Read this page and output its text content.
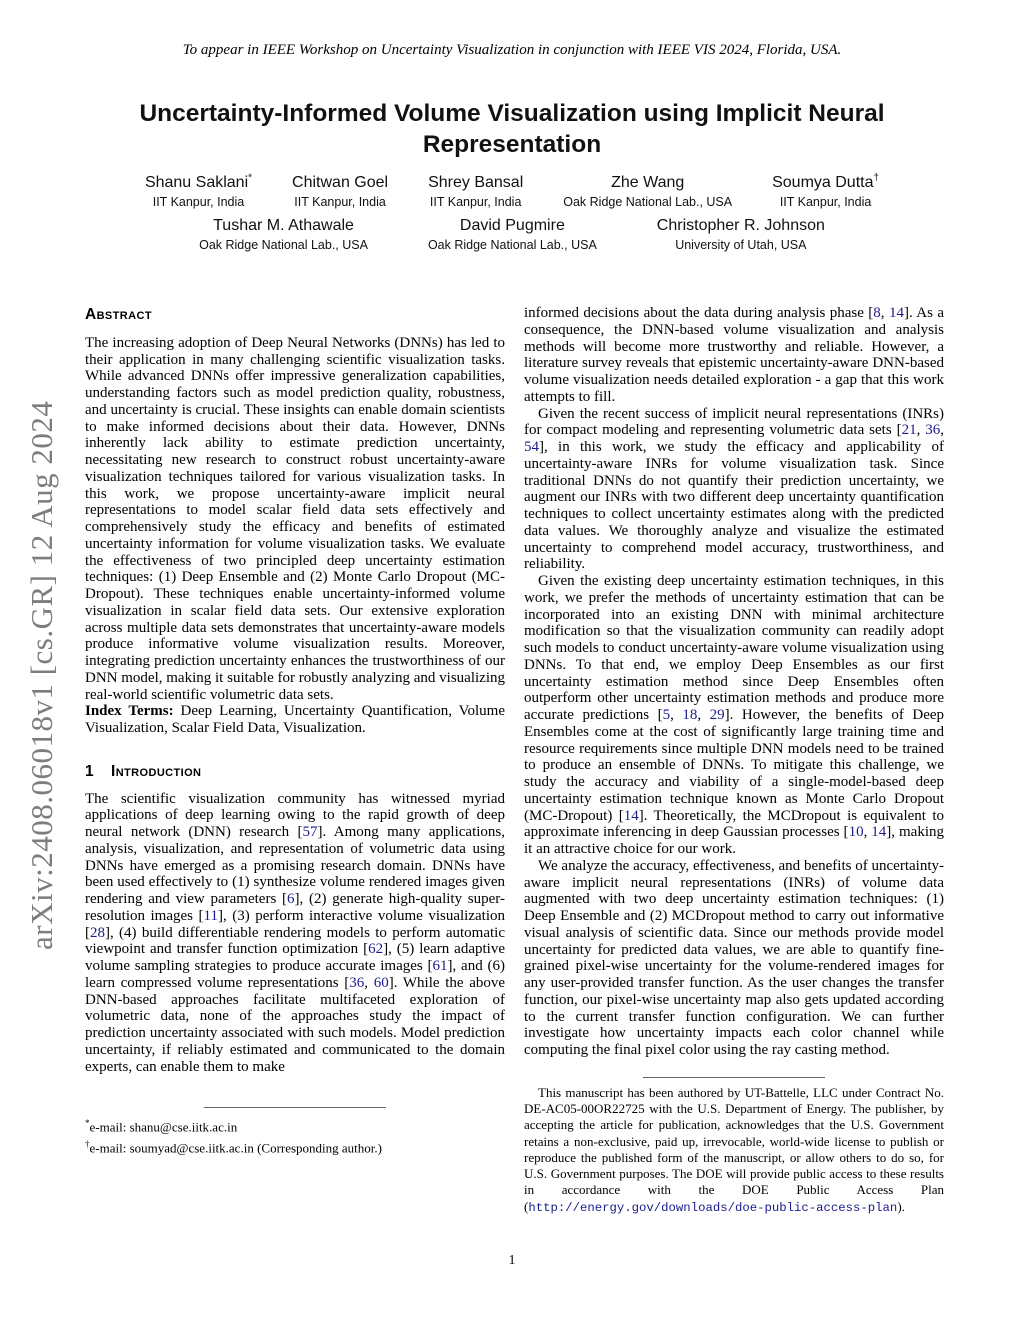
arXiv:2408.06018v1 [cs.GR] 12 Aug 2024
To appear in IEEE Workshop on Uncertainty Visualization in conjunction with IEEE VIS 2024, Florida, USA.
Uncertainty-Informed Volume Visualization using Implicit Neural Representation
Shanu Saklani*
IIT Kanpur, India
Chitwan Goel
IIT Kanpur, India
Shrey Bansal
IIT Kanpur, India
Zhe Wang
Oak Ridge National Lab., USA
Soumya Dutta†
IIT Kanpur, India
Tushar M. Athawale
Oak Ridge National Lab., USA
David Pugmire
Oak Ridge National Lab., USA
Christopher R. Johnson
University of Utah, USA
Abstract

The increasing adoption of Deep Neural Networks (DNNs) has led to their application in many challenging scientific visualization tasks. While advanced DNNs offer impressive generalization capabilities, understanding factors such as model prediction quality, robustness, and uncertainty is crucial. These insights can enable domain scientists to make informed decisions about their data. However, DNNs inherently lack ability to estimate prediction uncertainty, necessitating new research to construct robust uncertainty-aware visualization techniques tailored for various visualization tasks. In this work, we propose uncertainty-aware implicit neural representations to model scalar field data sets effectively and comprehensively study the efficacy and benefits of estimated uncertainty information for volume visualization tasks. We evaluate the effectiveness of two principled deep uncertainty estimation techniques: (1) Deep Ensemble and (2) Monte Carlo Dropout (MC-Dropout). These techniques enable uncertainty-informed volume visualization in scalar field data sets. Our extensive exploration across multiple data sets demonstrates that uncertainty-aware models produce informative volume visualization results. Moreover, integrating prediction uncertainty enhances the trustworthiness of our DNN model, making it suitable for robustly analyzing and visualizing real-world scientific volumetric data sets.

Index Terms: Deep Learning, Uncertainty Quantification, Volume Visualization, Scalar Field Data, Visualization.

1 Introduction

The scientific visualization community has witnessed myriad applications of deep learning owing to the rapid growth of deep neural network (DNN) research [57]. Among many applications, analysis, visualization, and representation of volumetric data using DNNs have emerged as a promising research domain. DNNs have been used effectively to (1) synthesize volume rendered images given rendering and view parameters [6], (2) generate high-quality super-resolution images [11], (3) perform interactive volume visualization [28], (4) build differentiable rendering models to perform automatic viewpoint and transfer function optimization [62], (5) learn adaptive volume sampling strategies to produce accurate images [61], and (6) learn compressed volume representations [36, 60]. While the above DNN-based approaches facilitate multifaceted exploration of volumetric data, none of the approaches study the impact of prediction uncertainty associated with such models. Model prediction uncertainty, if reliably estimated and communicated to the domain experts, can enable them to make

*e-mail: shanu@cse.iitk.ac.in
†e-mail: soumyad@cse.iitk.ac.in (Corresponding author.)

informed decisions about the data during analysis phase [8, 14]. As a consequence, the DNN-based volume visualization and analysis methods will become more trustworthy and reliable. However, a literature survey reveals that epistemic uncertainty-aware DNN-based volume visualization needs detailed exploration - a gap that this work attempts to fill.

Given the recent success of implicit neural representations (INRs) for compact modeling and representing volumetric data sets [21, 36, 54], in this work, we study the efficacy and applicability of uncertainty-aware INRs for volume visualization task. Since traditional DNNs do not quantify their prediction uncertainty, we augment our INRs with two different deep uncertainty quantification techniques to collect uncertainty estimates along with the predicted data values. We thoroughly analyze and visualize the estimated uncertainty to comprehend model accuracy, trustworthiness, and reliability.

Given the existing deep uncertainty estimation techniques, in this work, we prefer the methods of uncertainty estimation that can be incorporated into an existing DNN with minimal architecture modification so that the visualization community can readily adopt such models to conduct uncertainty-aware volume visualization using DNNs. To that end, we employ Deep Ensembles as our first uncertainty estimation method since Deep Ensembles often outperform other uncertainty estimation methods and produce more accurate predictions [5, 18, 29]. However, the benefits of Deep Ensembles come at the cost of significantly large training time and resource requirements since multiple DNN models need to be trained to produce an ensemble of DNNs. To mitigate this challenge, we study the accuracy and viability of a single-model-based deep uncertainty estimation technique known as Monte Carlo Dropout (MC-Dropout) [14]. Theoretically, the MCDropout is equivalent to approximate inferencing in deep Gaussian processes [10, 14], making it an attractive choice for our work.

We analyze the accuracy, effectiveness, and benefits of uncertainty-aware implicit neural representations (INRs) of volume data augmented with two deep uncertainty estimation techniques: (1) Deep Ensemble and (2) MCDropout method to carry out informative visual analysis of scientific data. Since our methods provide model uncertainty for predicted data values, we are able to quantify fine-grained pixel-wise uncertainty for the volume-rendered images for any user-provided transfer function. As the user changes the transfer function, our pixel-wise uncertainty map also gets updated according to the current transfer function configuration. We can further investigate how uncertainty impacts each color channel while computing the final pixel color using the ray casting method.

This manuscript has been authored by UT-Battelle, LLC under Contract No. DE-AC05-00OR22725 with the U.S. Department of Energy. The publisher, by accepting the article for publication, acknowledges that the U.S. Government retains a non-exclusive, paid up, irrevocable, world-wide license to publish or reproduce the published form of the manuscript, or allow others to do so, for U.S. Government purposes. The DOE will provide public access to these results in accordance with the DOE Public Access Plan (http://energy.gov/downloads/doe-public-access-plan).

1
